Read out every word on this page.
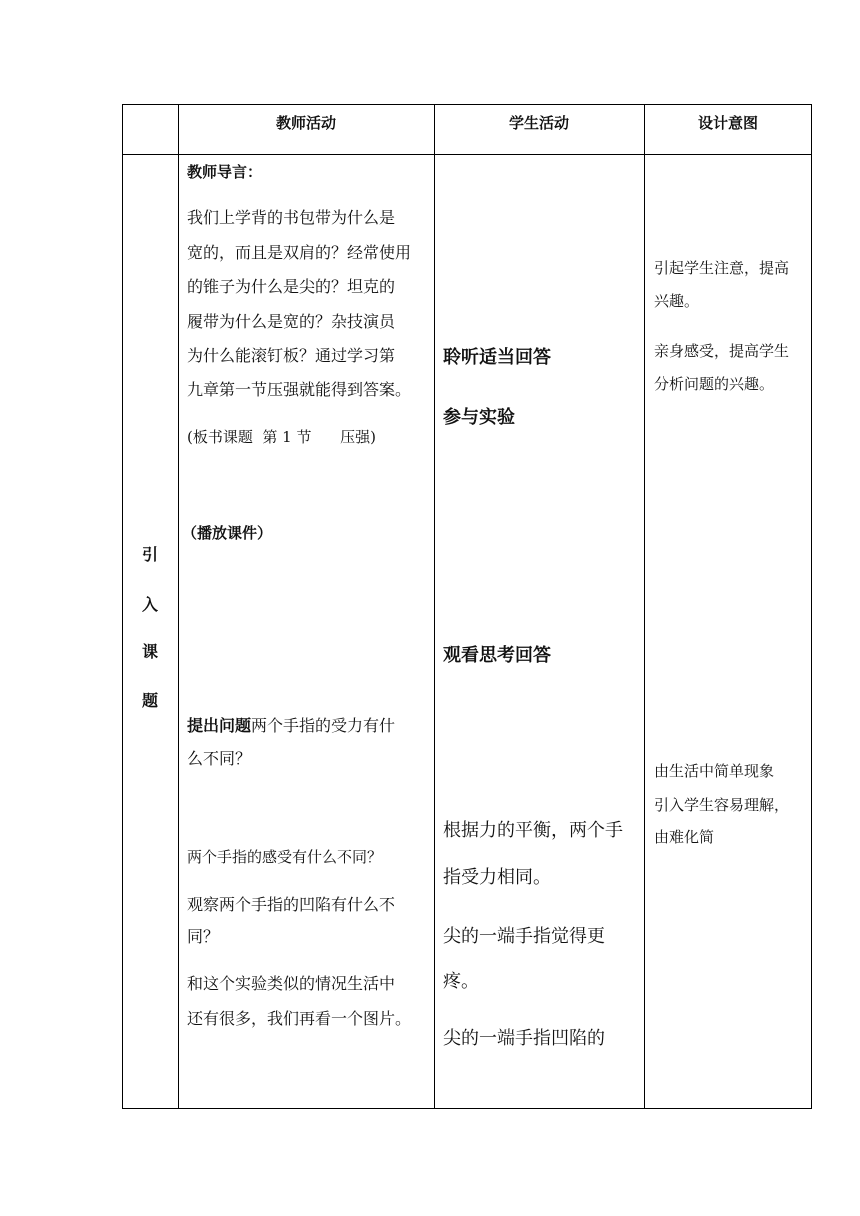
教师活动	学生活动	设计意图
引
入
课
题
教师导言：
我们上学背的书包带为什么是
宽的，而且是双肩的？经常使用
的锥子为什么是尖的？坦克的
履带为什么是宽的？杂技演员
为什么能滚钉板？通过学习第
九章第一节压强就能得到答案。
(板书课题  第 1 节      压强)
（播放课件）
提出问题两个手指的受力有什
么不同？
两个手指的感受有什么不同？
观察两个手指的凹陷有什么不
同？
和这个实验类似的情况生活中
还有很多，我们再看一个图片。
聆听适当回答
参与实验
观看思考回答
根据力的平衡，两个手
指受力相同。
尖的一端手指觉得更
疼。
尖的一端手指凹陷的
引起学生注意，提高
兴趣。
亲身感受，提高学生
分析问题的兴趣。
由生活中简单现象
引入学生容易理解，
由难化简
